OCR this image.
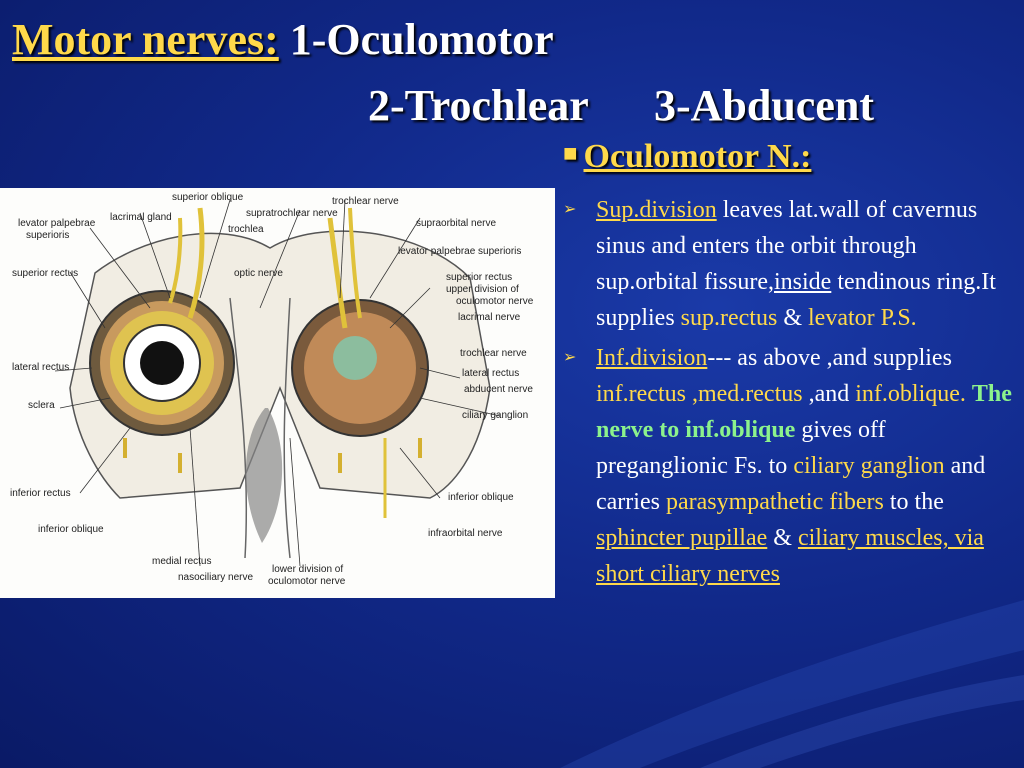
Motor nerves: 1-Oculomotor
2-Trochlear      3-Abducent
superior oblique	trochlear nerve
lacrimal gland	supratrochlear nerve
levator palpebrae
superioris
trochlea
supraorbital nerve
levator palpebrae superioris
superior rectus	optic nerve	superior rectus
upper division of
oculomotor nerve
lacrimal nerve
trochlear nerve
lateral rectus
lateral rectus
abducent nerve
sclera
ciliary ganglion
inferior rectus	inferior oblique
inferior oblique	infraorbital nerve
medial rectus
nasociliary nerve
lower division of
oculomotor nerve
■ Oculomotor N.:
➢ Sup.division leaves lat.wall of cavernus sinus and enters the orbit through sup.orbital fissure,inside tendinous ring.It supplies sup.rectus & levator P.S.
➢ Inf.division--- as above ,and supplies inf.rectus ,med.rectus ,and inf.oblique. The nerve to inf.oblique gives off preganglionic Fs. to ciliary ganglion and carries parasympathetic fibers to the sphincter pupillae & ciliary muscles, via short ciliary nerves
